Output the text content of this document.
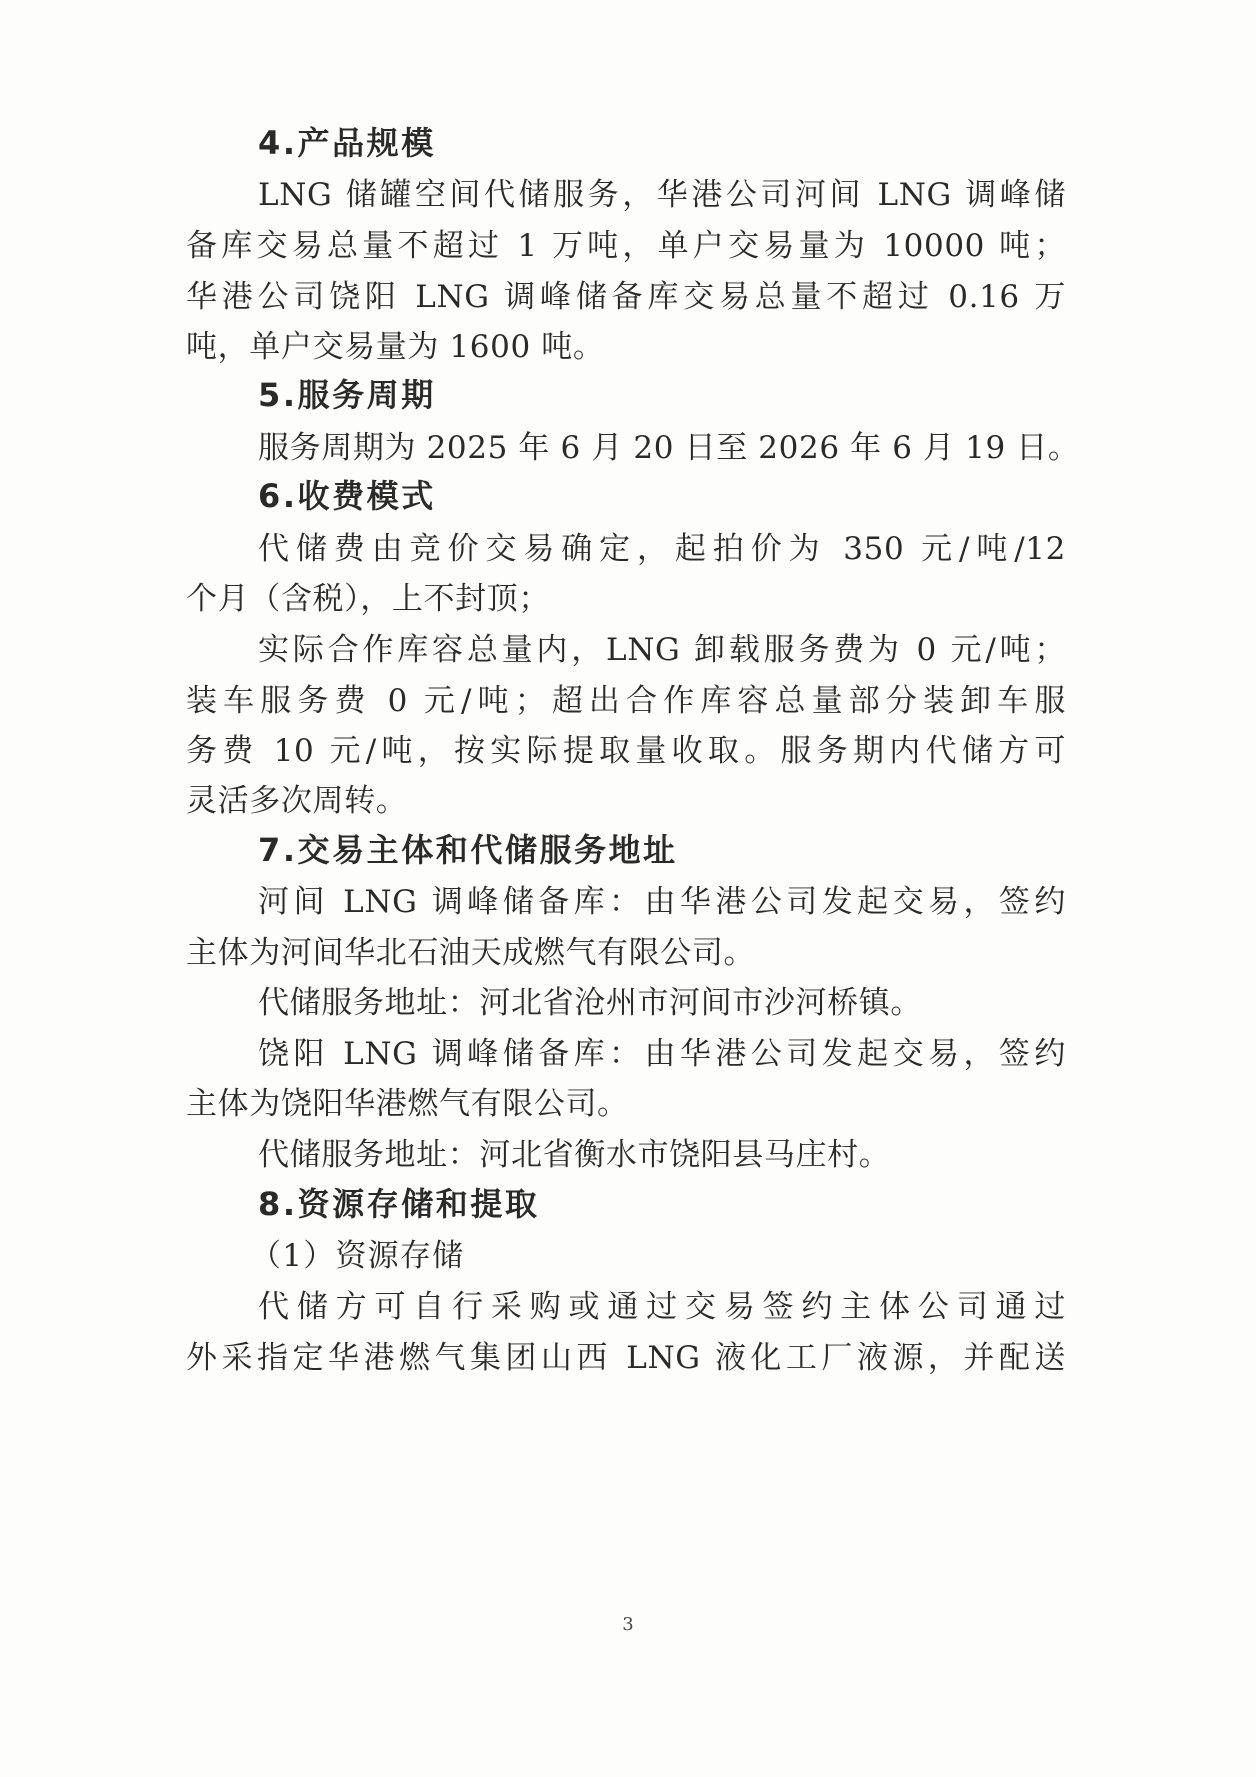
4.产品规模
LNG 储罐空间代储服务，华港公司河间 LNG 调峰储
备库交易总量不超过 1 万吨，单户交易量为 10000 吨；
华港公司饶阳 LNG 调峰储备库交易总量不超过 0.16 万
吨，单户交易量为 1600 吨。
5.服务周期
服务周期为 2025 年 6 月 20 日至 2026 年 6 月 19 日。
6.收费模式
代储费由竞价交易确定，起拍价为 350 元/吨/12
个月（含税），上不封顶；
实际合作库容总量内，LNG 卸载服务费为 0 元/吨；
装车服务费 0 元/吨；超出合作库容总量部分装卸车服
务费 10 元/吨，按实际提取量收取。服务期内代储方可
灵活多次周转。
7.交易主体和代储服务地址
河间 LNG 调峰储备库：由华港公司发起交易，签约
主体为河间华北石油天成燃气有限公司。
代储服务地址：河北省沧州市河间市沙河桥镇。
饶阳 LNG 调峰储备库：由华港公司发起交易，签约
主体为饶阳华港燃气有限公司。
代储服务地址：河北省衡水市饶阳县马庄村。
8.资源存储和提取
（1）资源存储
代储方可自行采购或通过交易签约主体公司通过
外采指定华港燃气集团山西 LNG 液化工厂液源，并配送
3
